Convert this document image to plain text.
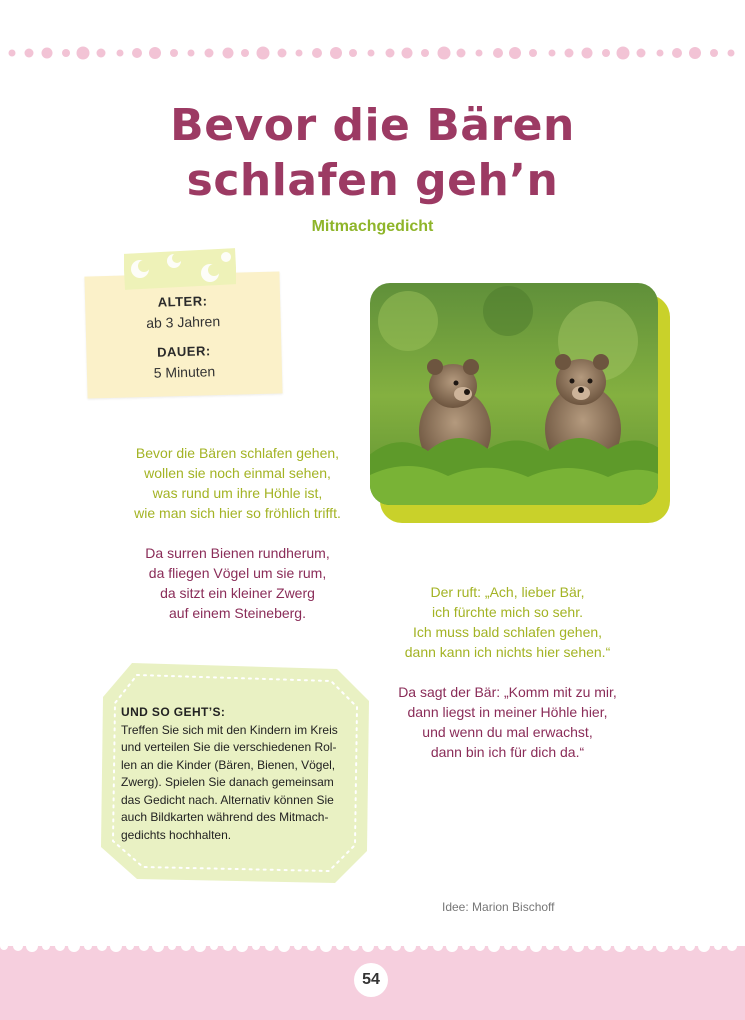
Bevor die Bären
schlafen geh’n
Mitmachgedicht
ALTER:
ab 3 Jahren
DAUER:
5 Minuten
Bevor die Bären schlafen gehen,
wollen sie noch einmal sehen,
was rund um ihre Höhle ist,
wie man sich hier so fröhlich trifft.
Da surren Bienen rundherum,
da fliegen Vögel um sie rum,
da sitzt ein kleiner Zwerg
auf einem Steineberg.
Der ruft: „Ach, lieber Bär,
ich fürchte mich so sehr.
Ich muss bald schlafen gehen,
dann kann ich nichts hier sehen.“
Da sagt der Bär: „Komm mit zu mir,
dann liegst in meiner Höhle hier,
und wenn du mal erwachst,
dann bin ich für dich da.“
UND SO GEHT’S:
Treffen Sie sich mit den Kindern im Kreis
und verteilen Sie die verschiedenen Rol-
len an die Kinder (Bären, Bienen, Vögel,
Zwerg). Spielen Sie danach gemeinsam
das Gedicht nach. Alternativ können Sie
auch Bildkarten während des Mitmach-
gedichts hochhalten.
Idee: Marion Bischoff
54
